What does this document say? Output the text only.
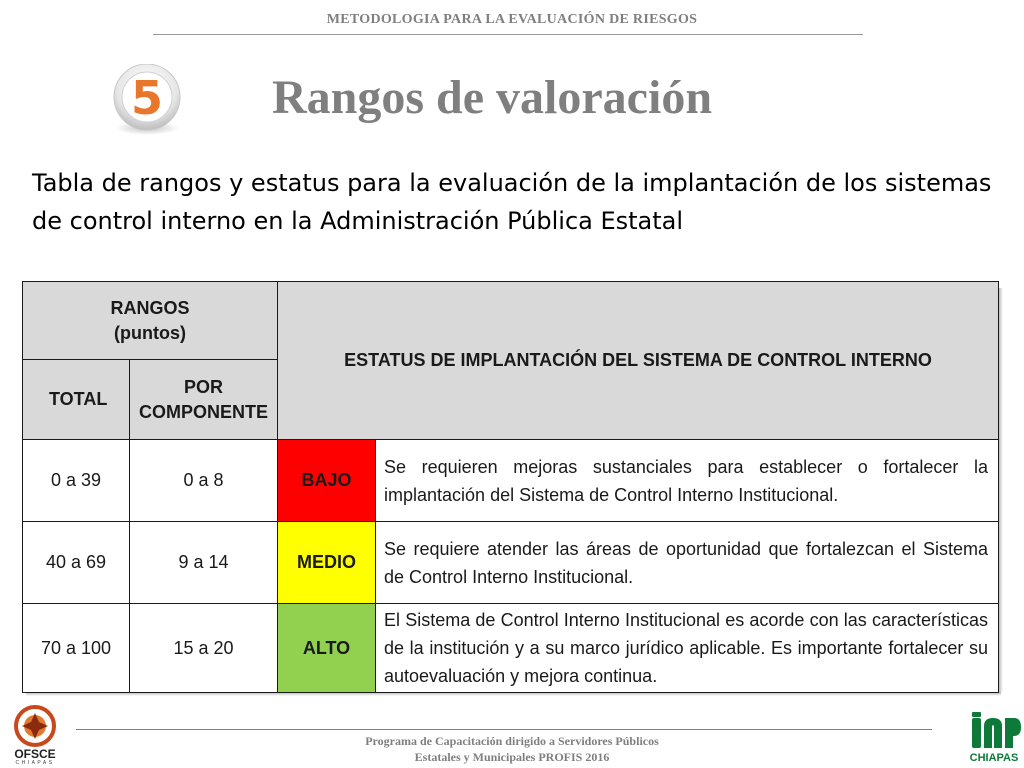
METODOLOGIA PARA LA EVALUACIÓN DE RIESGOS
5 Rangos de valoración
Tabla de rangos y estatus para la evaluación de la implantación de los sistemas de control interno en la Administración Pública Estatal
RANGOS
(puntos)		ESTATUS DE IMPLANTACIÓN DEL SISTEMA DE CONTROL INTERNO	
TOTAL	POR
COMPONENTE		

0 a 39	0 a 8	BAJO	Se requieren mejoras sustanciales para establecer o fortalecer la implantación del Sistema de Control Interno Institucional.
40 a 69	9 a 14	MEDIO	Se requiere atender las áreas de oportunidad que fortalezcan el Sistema de Control Interno Institucional.
70 a 100	15 a 20	ALTO	El Sistema de Control Interno Institucional es acorde con las características de la institución y a su marco jurídico aplicable. Es importante fortalecer su autoevaluación y mejora continua.
Programa de Capacitación dirigido a Servidores Públicos
Estatales y Municipales PROFIS 2016
OFSCE
CHIAPAS	CHIAPAS
